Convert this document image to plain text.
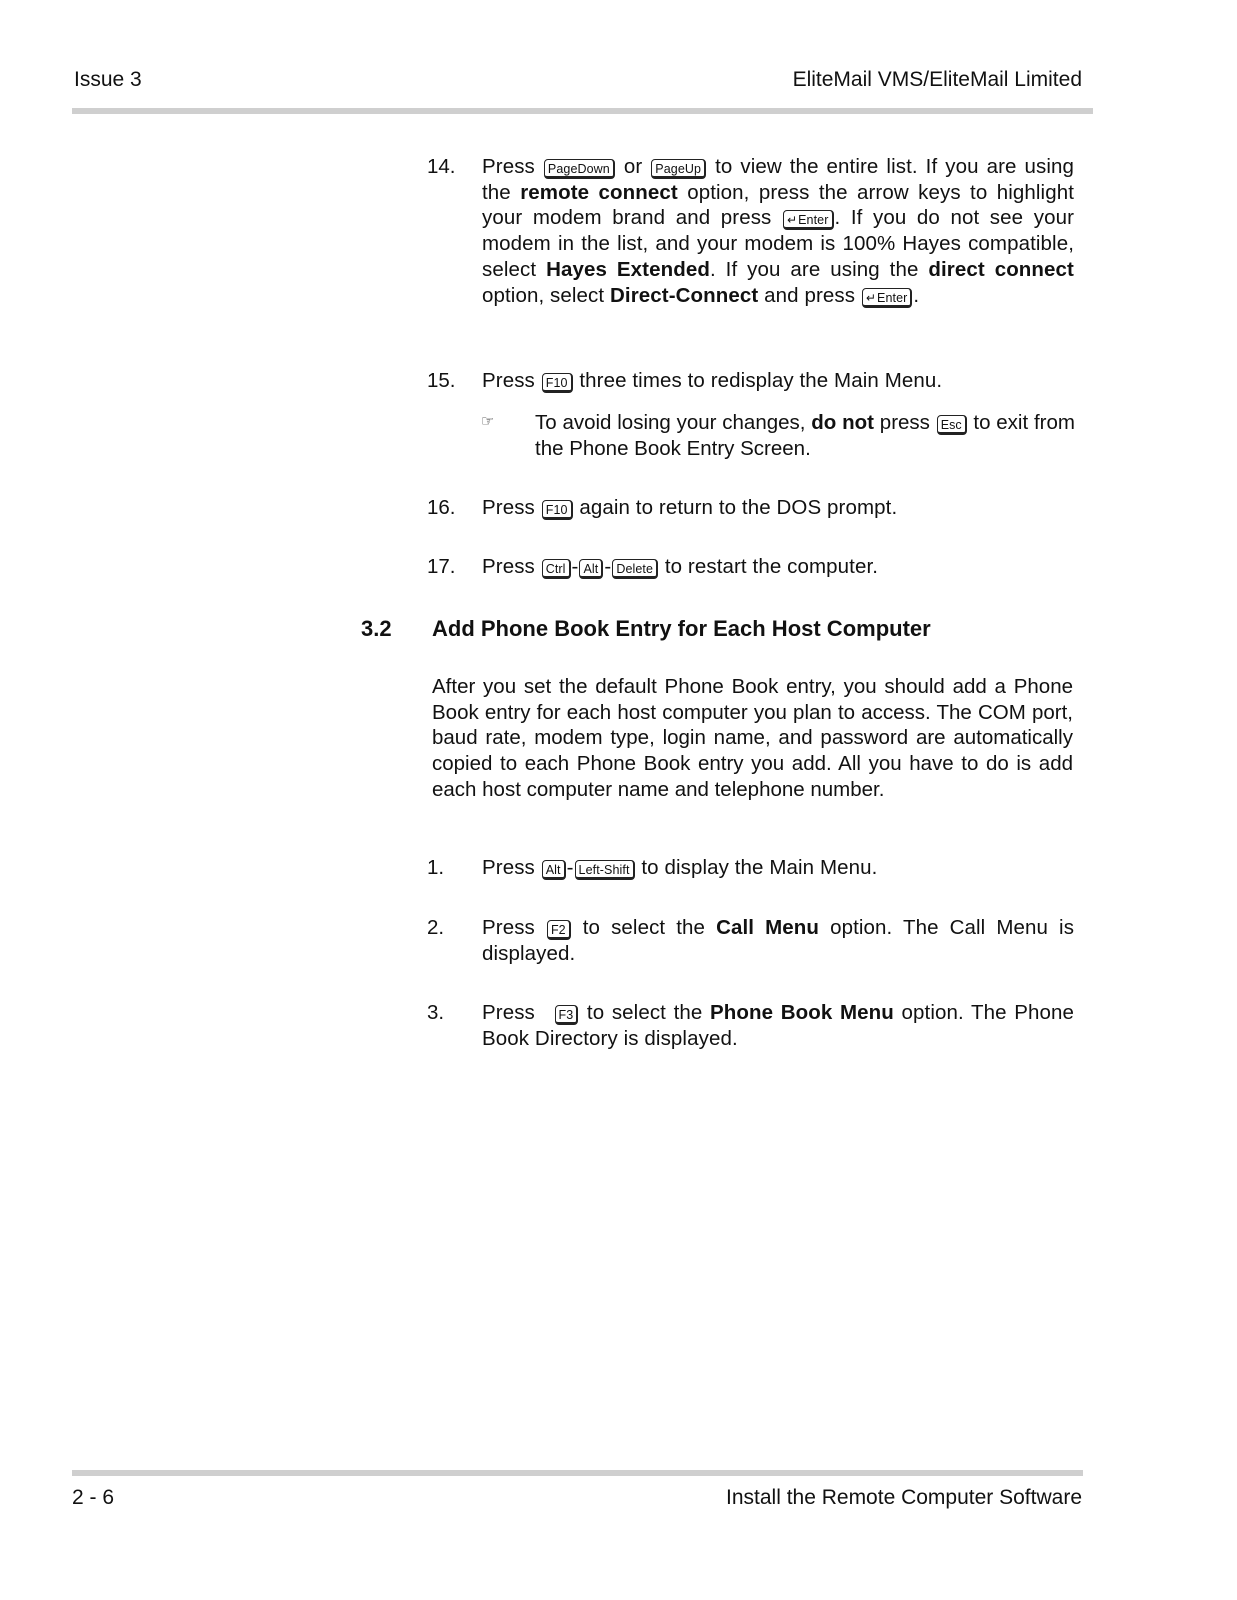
Issue 3	EliteMail VMS/EliteMail Limited
14.	Press PageDown or PageUp to view the entire list. If you are using the remote connect option, press the arrow keys to highlight your modem brand and press ↵Enter . If you do not see your modem in the list, and your modem is 100% Hayes compatible, select Hayes Extended. If you are using the direct connect option, select Direct-Connect and press ↵Enter .
15.	Press F10 three times to redisplay the Main Menu.
☞	To avoid losing your changes, do not press Esc to exit from the Phone Book Entry Screen.
16.	Press F10 again to return to the DOS prompt.
17.	Press Ctrl - Alt - Delete to restart the computer.
3.2 Add Phone Book Entry for Each Host Computer
After you set the default Phone Book entry, you should add a Phone Book entry for each host computer you plan to access. The COM port, baud rate, modem type, login name, and password are automatically copied to each Phone Book entry you add. All you have to do is add each host computer name and telephone number.
1.	Press Alt - Left-Shift to display the Main Menu.
2.	Press F2 to select the Call Menu option. The Call Menu is displayed.
3.	Press F3 to select the Phone Book Menu option. The Phone Book Directory is displayed.
2 - 6	Install the Remote Computer Software
